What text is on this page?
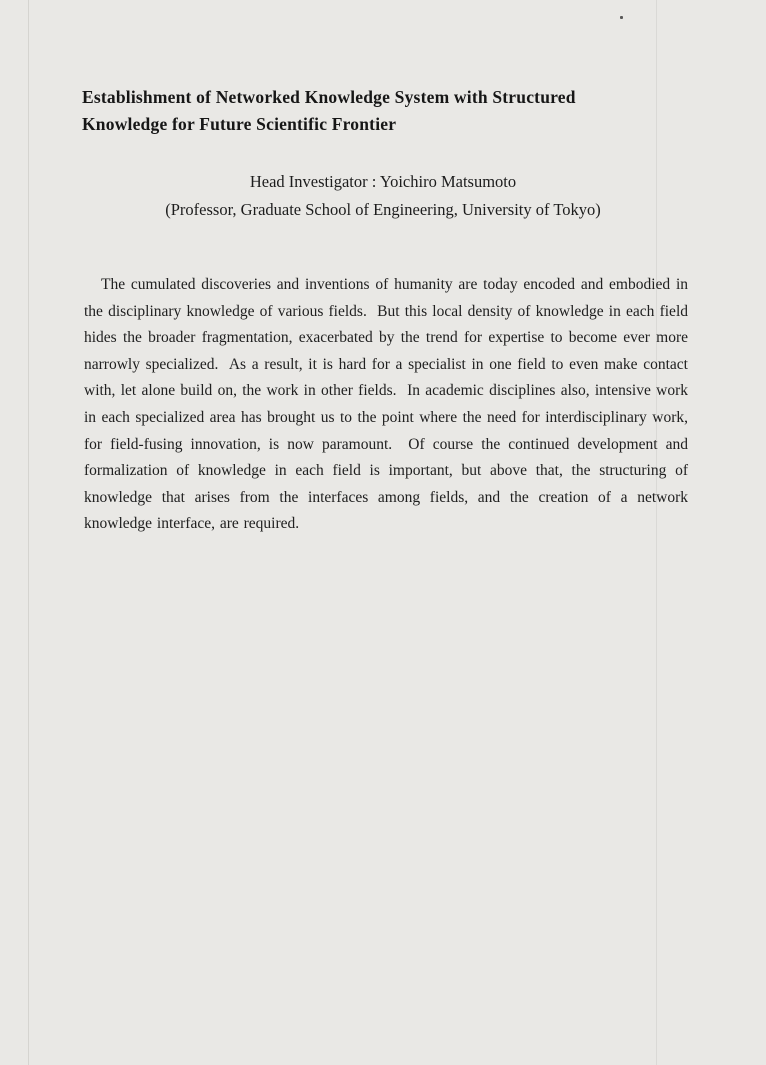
Establishment of Networked Knowledge System with Structured
Knowledge for Future Scientific Frontier
Head Investigator : Yoichiro Matsumoto
(Professor, Graduate School of Engineering, University of Tokyo)

The cumulated discoveries and inventions of humanity are today encoded and embodied in the disciplinary knowledge of various fields.  But this local density of knowledge in each field hides the broader fragmentation, exacerbated by the trend for expertise to become ever more narrowly specialized.  As a result, it is hard for a specialist in one field to even make contact with, let alone build on, the work in other fields.  In academic disciplines also, intensive work in each specialized area has brought us to the point where the need for interdisciplinary work, for field-fusing innovation, is now paramount.  Of course the continued development and formalization of knowledge in each field is important, but above that, the structuring of knowledge that arises from the interfaces among fields, and the creation of a network knowledge interface, are required.
